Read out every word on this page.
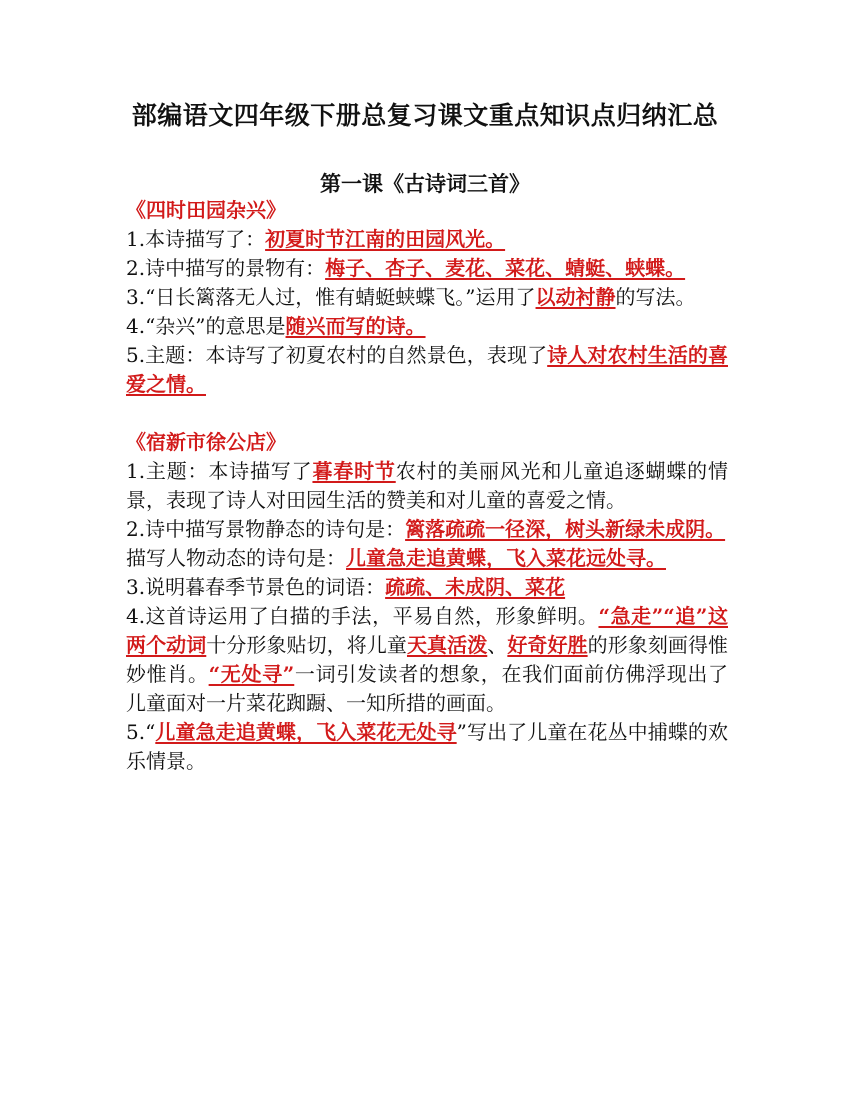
部编语文四年级下册总复习课文重点知识点归纳汇总
第一课《古诗词三首》
《四时田园杂兴》
1.本诗描写了：初夏时节江南的田园风光。
2.诗中描写的景物有：梅子、杏子、麦花、菜花、蜻蜓、蛱蝶。
3.“日长篱落无人过，惟有蜻蜓蛱蝶飞。”运用了以动衬静的写法。
4.“杂兴”的意思是随兴而写的诗。
5.主题：本诗写了初夏农村的自然景色，表现了诗人对农村生活的喜爱之情。
《宿新市徐公店》
1.主题：本诗描写了暮春时节农村的美丽风光和儿童追逐蝴蝶的情景，表现了诗人对田园生活的赞美和对儿童的喜爱之情。
2.诗中描写景物静态的诗句是：篱落疏疏一径深，树头新绿未成阴。
描写人物动态的诗句是：儿童急走追黄蝶，飞入菜花远处寻。
3.说明暮春季节景色的词语：疏疏、未成阴、菜花
4.这首诗运用了白描的手法，平易自然，形象鲜明。“急走”“追”这两个动词十分形象贴切，将儿童天真活泼、好奇好胜的形象刻画得惟妙惟肖。“无处寻”一词引发读者的想象，在我们面前仿佛浮现出了儿童面对一片菜花踟蹰、一知所措的画面。
5.“儿童急走追黄蝶，飞入菜花无处寻”写出了儿童在花丛中捕蝶的欢乐情景。
